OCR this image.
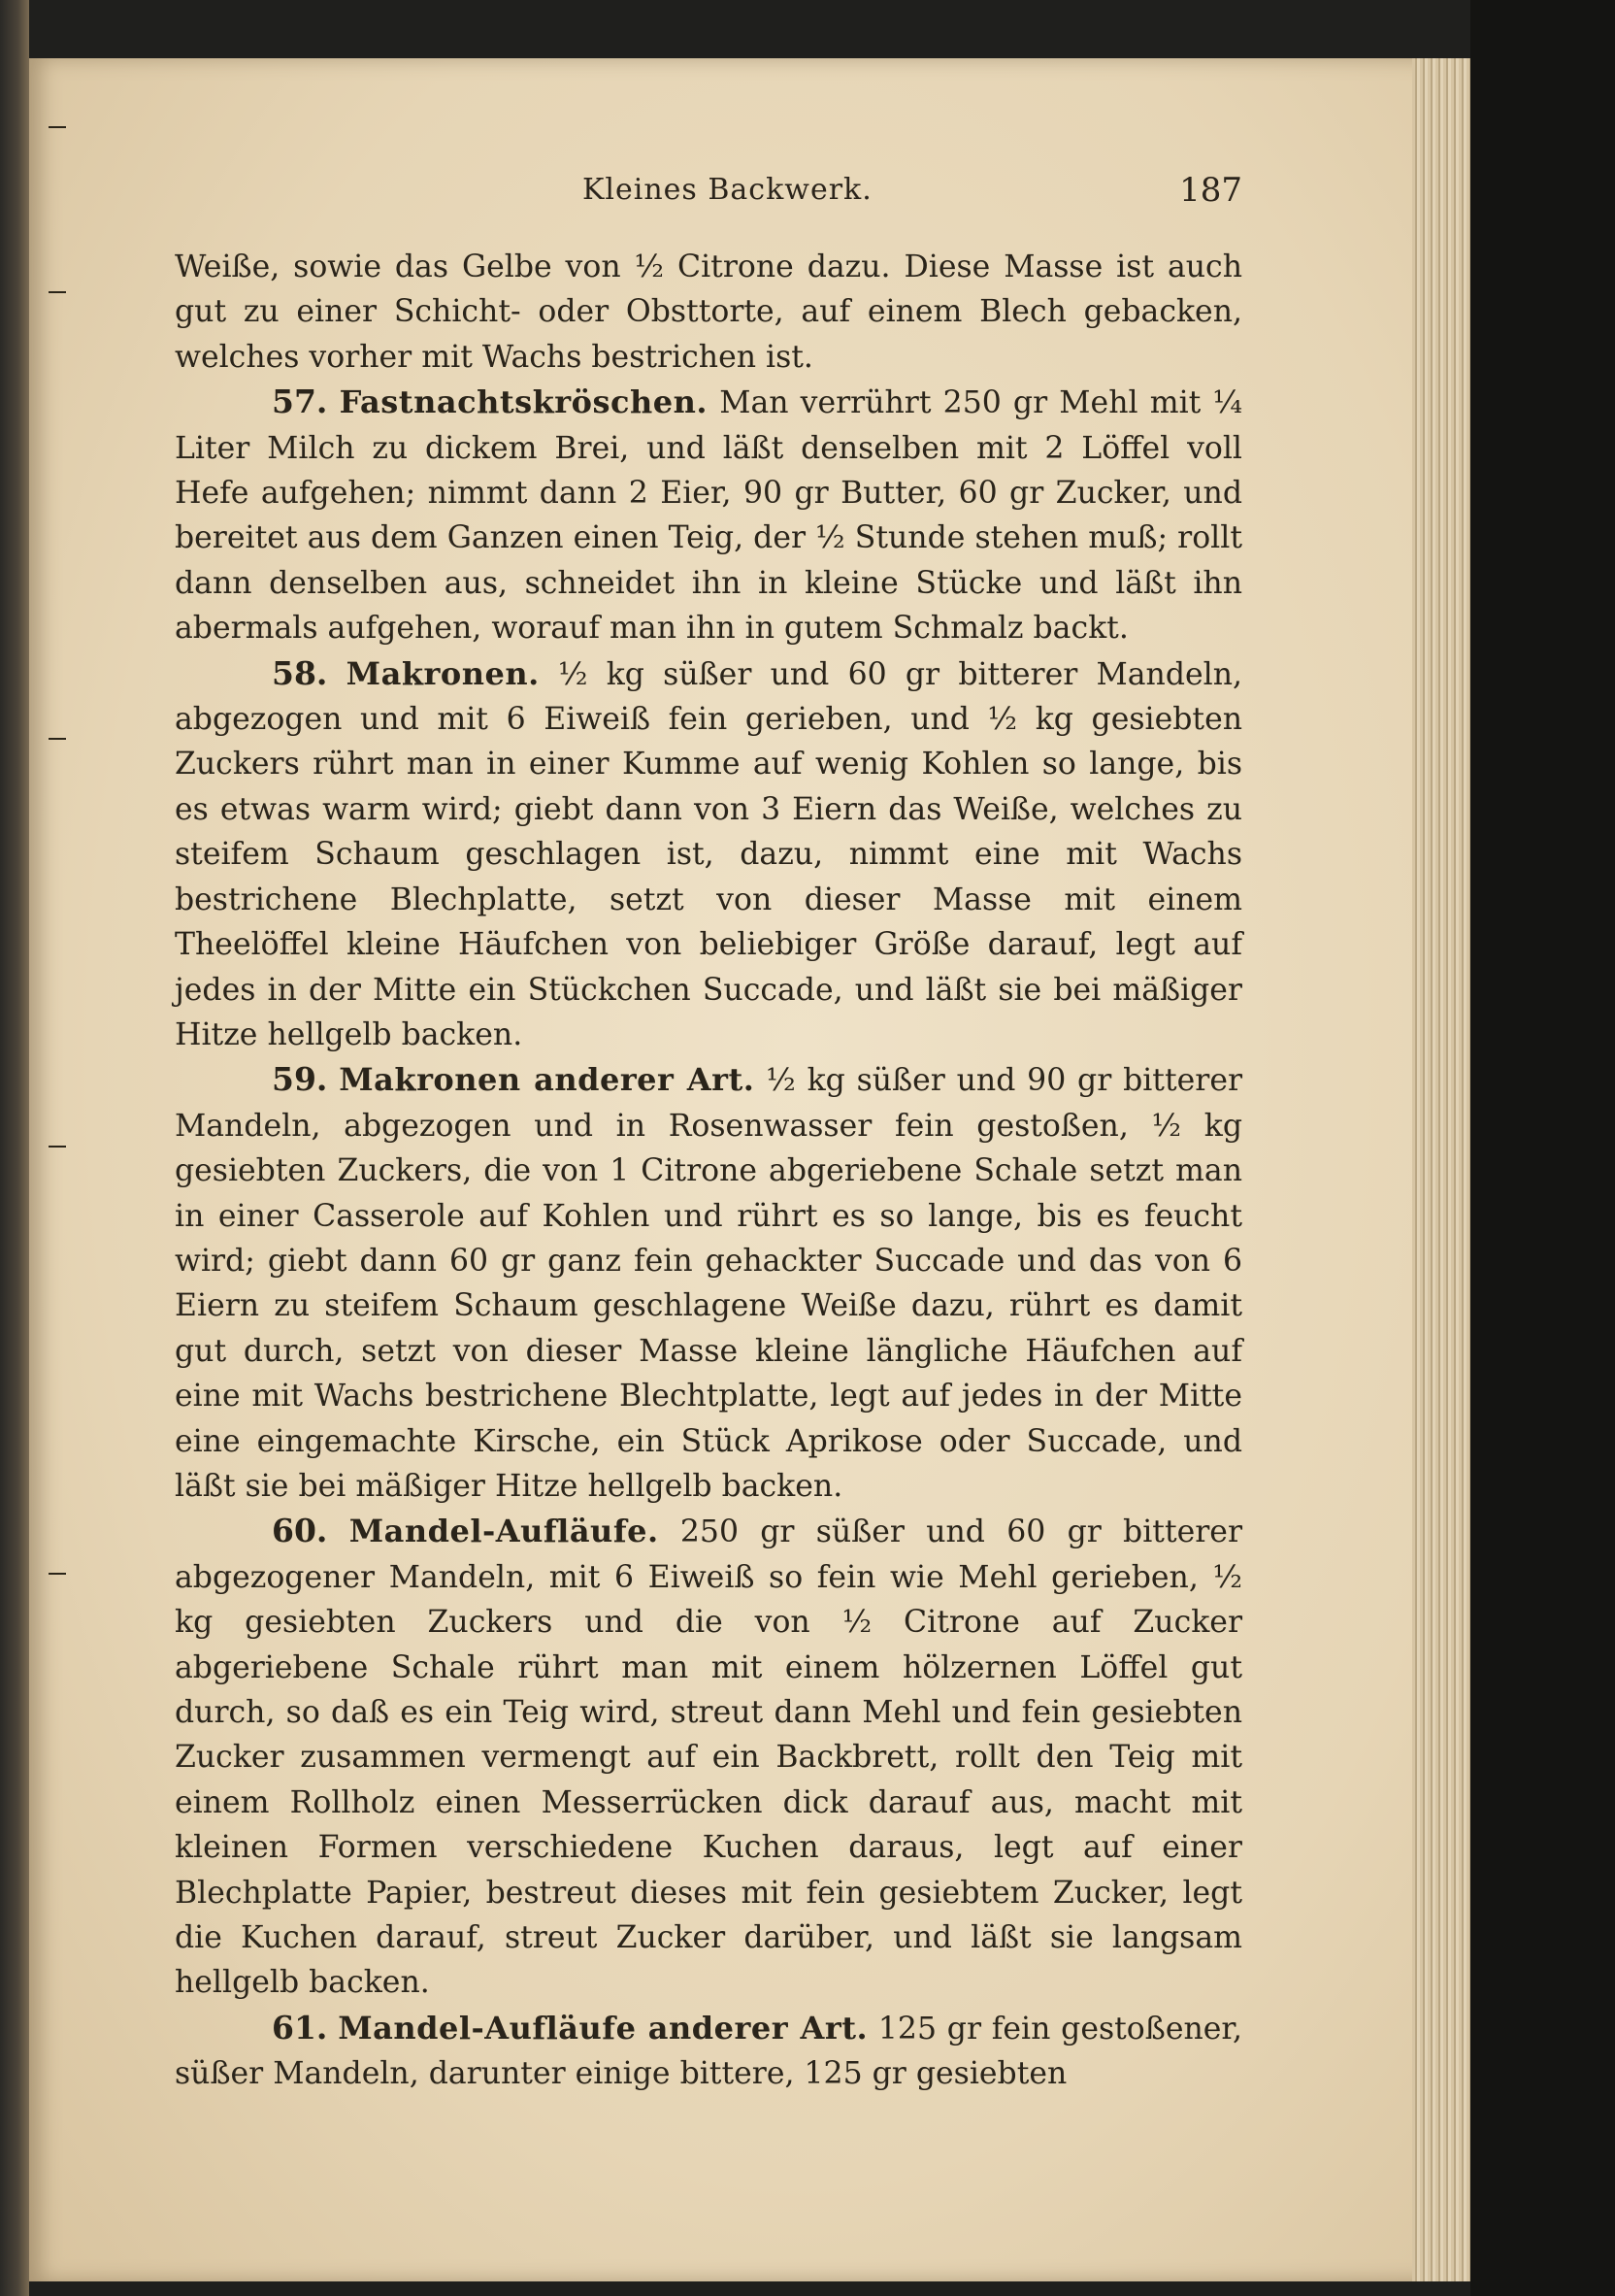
Kleines Backwerk.	187

Weiße, sowie das Gelbe von ½ Citrone dazu. Diese Masse ist auch gut zu einer Schicht- oder Obsttorte, auf einem Blech gebacken, welches vorher mit Wachs bestrichen ist.

57. Fastnachtskröschen. Man verrührt 250 gr Mehl mit ¼ Liter Milch zu dickem Brei, und läßt denselben mit 2 Löffel voll Hefe aufgehen; nimmt dann 2 Eier, 90 gr Butter, 60 gr Zucker, und bereitet aus dem Ganzen einen Teig, der ½ Stunde stehen muß; rollt dann denselben aus, schneidet ihn in kleine Stücke und läßt ihn abermals aufgehen, worauf man ihn in gutem Schmalz backt.

58. Makronen. ½ kg süßer und 60 gr bitterer Mandeln, abgezogen und mit 6 Eiweiß fein gerieben, und ½ kg gesiebten Zuckers rührt man in einer Kumme auf wenig Kohlen so lange, bis es etwas warm wird; giebt dann von 3 Eiern das Weiße, welches zu steifem Schaum geschlagen ist, dazu, nimmt eine mit Wachs bestrichene Blechplatte, setzt von dieser Masse mit einem Theelöffel kleine Häufchen von beliebiger Größe darauf, legt auf jedes in der Mitte ein Stückchen Succade, und läßt sie bei mäßiger Hitze hellgelb backen.

59. Makronen anderer Art. ½ kg süßer und 90 gr bitterer Mandeln, abgezogen und in Rosenwasser fein gestoßen, ½ kg gesiebten Zuckers, die von 1 Citrone abgeriebene Schale setzt man in einer Casserole auf Kohlen und rührt es so lange, bis es feucht wird; giebt dann 60 gr ganz fein gehackter Succade und das von 6 Eiern zu steifem Schaum geschlagene Weiße dazu, rührt es damit gut durch, setzt von dieser Masse kleine längliche Häufchen auf eine mit Wachs bestrichene Blechtplatte, legt auf jedes in der Mitte eine eingemachte Kirsche, ein Stück Aprikose oder Succade, und läßt sie bei mäßiger Hitze hellgelb backen.

60. Mandel-Aufläufe. 250 gr süßer und 60 gr bitterer abgezogener Mandeln, mit 6 Eiweiß so fein wie Mehl gerieben, ½ kg gesiebten Zuckers und die von ½ Citrone auf Zucker abgeriebene Schale rührt man mit einem hölzernen Löffel gut durch, so daß es ein Teig wird, streut dann Mehl und fein gesiebten Zucker zusammen vermengt auf ein Backbrett, rollt den Teig mit einem Rollholz einen Messerrücken dick darauf aus, macht mit kleinen Formen verschiedene Kuchen daraus, legt auf einer Blechplatte Papier, bestreut dieses mit fein gesiebtem Zucker, legt die Kuchen darauf, streut Zucker darüber, und läßt sie langsam hellgelb backen.

61. Mandel-Aufläufe anderer Art. 125 gr fein gestoßener, süßer Mandeln, darunter einige bittere, 125 gr gesiebten
